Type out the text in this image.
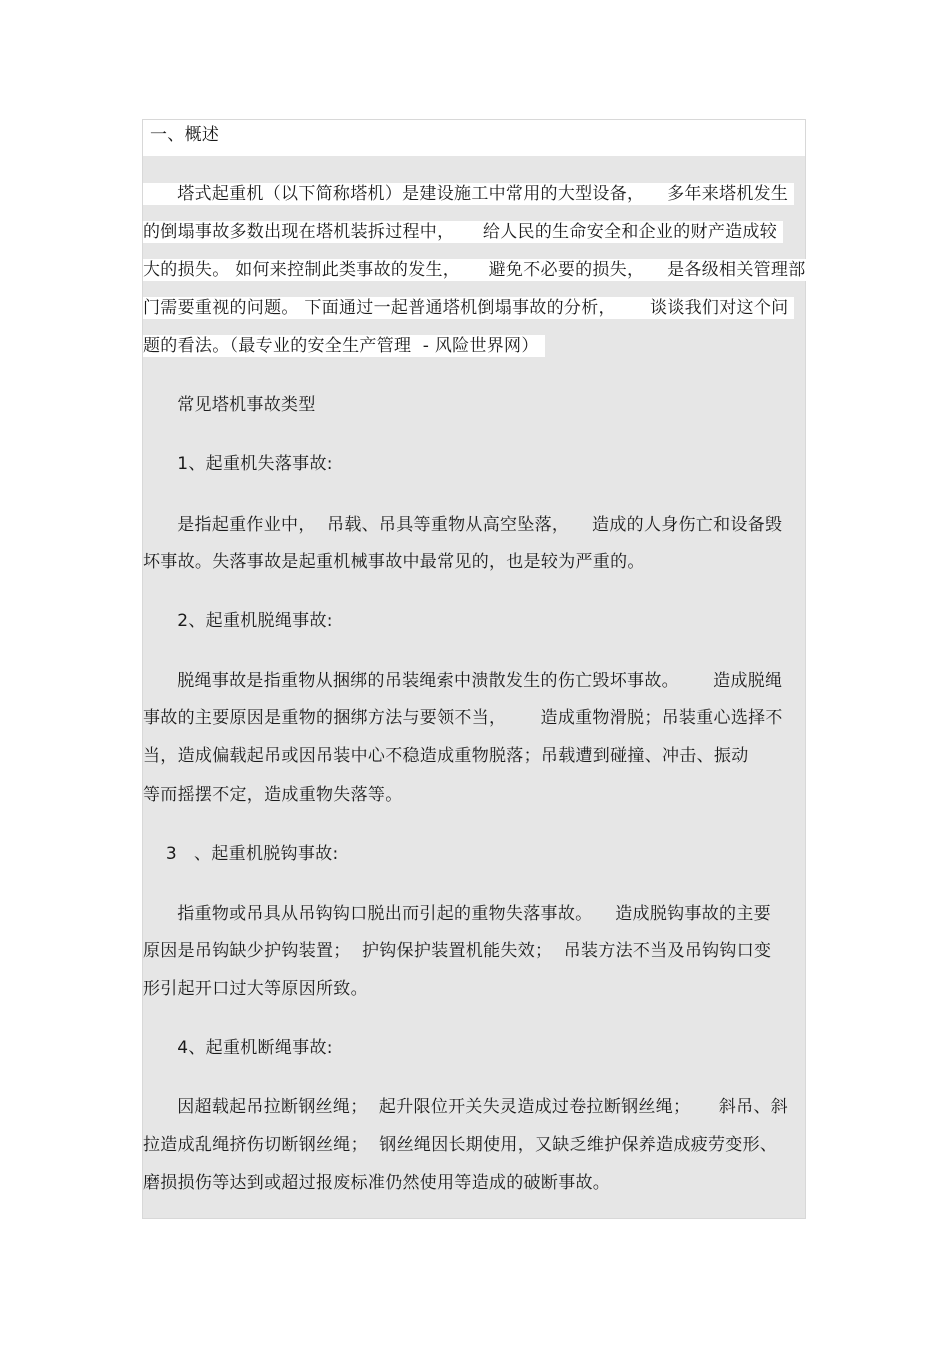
一、概述
塔式起重机（以下简称塔机）是建设施工中常用的大型设备，    多年来塔机发生
的倒塌事故多数出现在塔机装拆过程中，     给人民的生命安全和企业的财产造成较
大的损失。 如何来控制此类事故的发生，     避免不必要的损失，    是各级相关管理部
门需要重视的问题。 下面通过一起普通塔机倒塌事故的分析，      谈谈我们对这个问
题的看法。（最专业的安全生产管理  - 风险世界网）
常见塔机事故类型
1、起重机失落事故:
是指起重作业中，  吊载、吊具等重物从高空坠落，    造成的人身伤亡和设备毁
坏事故。失落事故是起重机械事故中最常见的，也是较为严重的。
2、起重机脱绳事故:
脱绳事故是指重物从捆绑的吊装绳索中溃散发生的伤亡毁坏事故。      造成脱绳
事故的主要原因是重物的捆绑方法与要领不当，      造成重物滑脱；吊装重心选择不
当，造成偏载起吊或因吊装中心不稳造成重物脱落；吊载遭到碰撞、冲击、振动
等而摇摆不定，造成重物失落等。
3   、起重机脱钩事故:
指重物或吊具从吊钩钩口脱出而引起的重物失落事故。    造成脱钩事故的主要
原因是吊钩缺少护钩装置；  护钩保护装置机能失效；  吊装方法不当及吊钩钩口变
形引起开口过大等原因所致。
4、起重机断绳事故:
因超载起吊拉断钢丝绳；  起升限位开关失灵造成过卷拉断钢丝绳；     斜吊、斜
拉造成乱绳挤伤切断钢丝绳；  钢丝绳因长期使用，又缺乏维护保养造成疲劳变形、
磨损损伤等达到或超过报废标准仍然使用等造成的破断事故。
